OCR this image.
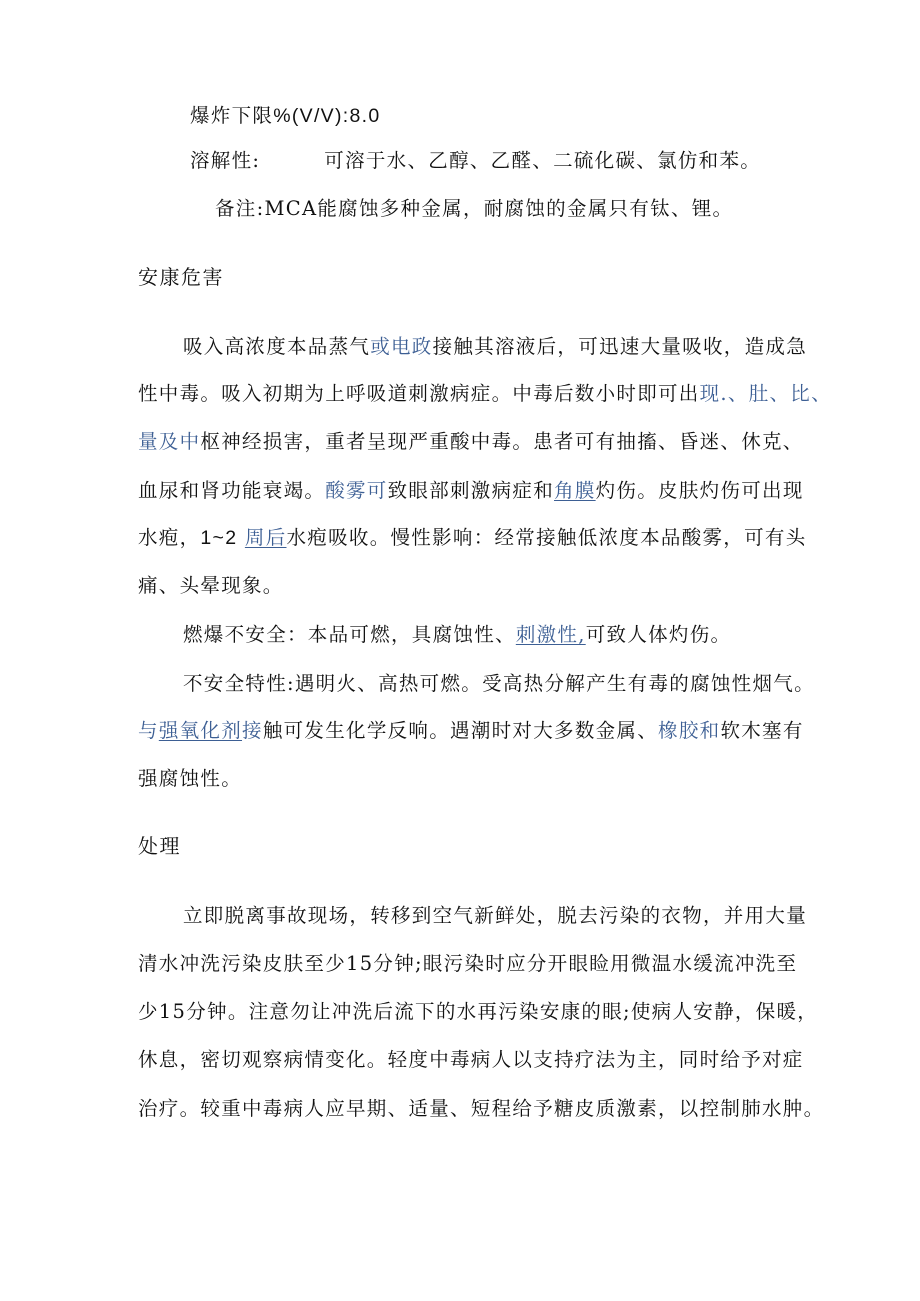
爆炸下限%(V/V):8.0
溶解性:	可溶于水、乙醇、乙醛、二硫化碳、氯仿和苯。
备注:MCA能腐蚀多种金属，耐腐蚀的金属只有钛、锂。
安康危害
吸入高浓度本品蒸气或电政接触其溶液后，可迅速大量吸收，造成急
性中毒。吸入初期为上呼吸道刺激病症。中毒后数小时即可出现.、肚、比、
量及中枢神经损害，重者呈现严重酸中毒。患者可有抽搐、昏迷、休克、
血尿和肾功能衰竭。酸雾可致眼部刺激病症和角膜灼伤。皮肤灼伤可出现
水疱，1~2 周后水疱吸收。慢性影响：经常接触低浓度本品酸雾，可有头
痛、头晕现象。
燃爆不安全：本品可燃，具腐蚀性、刺激性,可致人体灼伤。
不安全特性:遇明火、高热可燃。受高热分解产生有毒的腐蚀性烟气。
与强氧化剂接触可发生化学反响。遇潮时对大多数金属、橡胶和软木塞有
强腐蚀性。
处理
立即脱离事故现场，转移到空气新鲜处，脱去污染的衣物，并用大量
清水冲洗污染皮肤至少15分钟;眼污染时应分开眼睑用微温水缓流冲洗至
少15分钟。注意勿让冲洗后流下的水再污染安康的眼;使病人安静，保暖，
休息，密切观察病情变化。轻度中毒病人以支持疗法为主，同时给予对症
治疗。较重中毒病人应早期、适量、短程给予糖皮质激素，以控制肺水肿。
